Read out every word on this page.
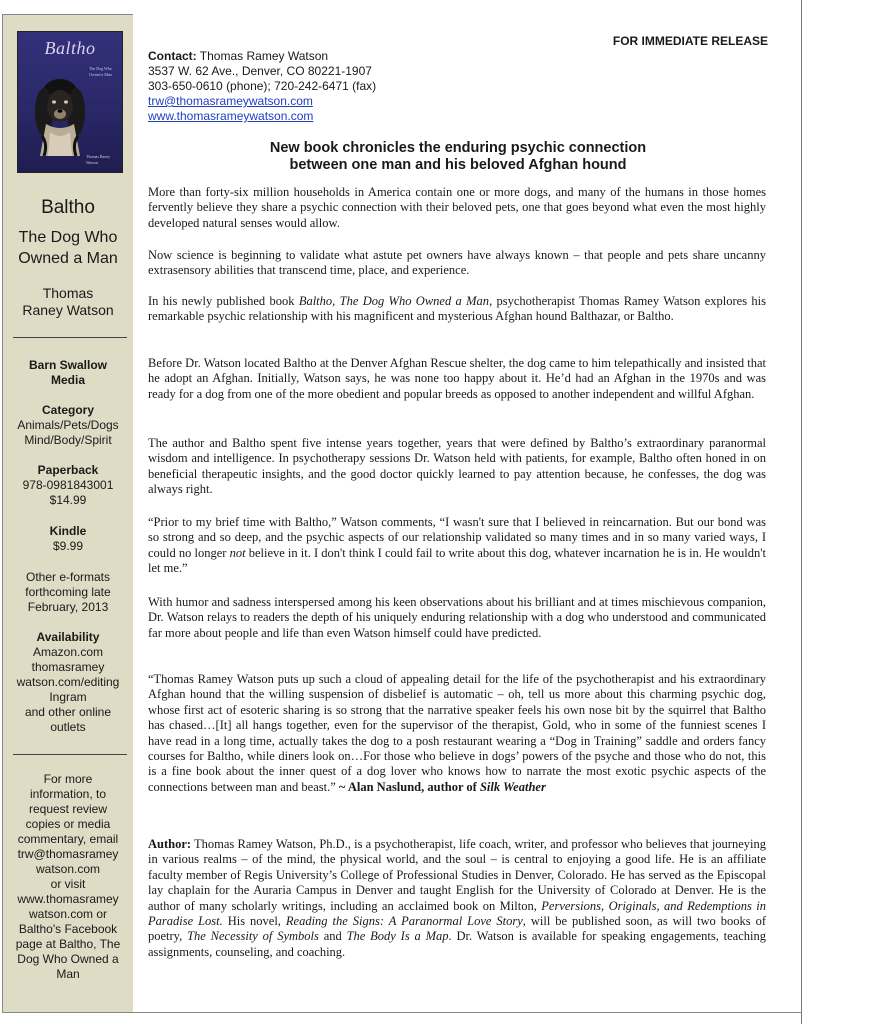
Baltho
The Dog Who Owned a Man
Thomas Raney Watson
Baltho
The Dog Who Owned a Man
Thomas Raney Watson
Barn Swallow Media
Category
Animals/Pets/Dogs
Mind/Body/Spirit
Paperback
978-0981843001
$14.99
Kindle
$9.99
Other e-formats
forthcoming late
February, 2013
Availability
Amazon.com
thomasramey
watson.com/editing
Ingram
and other online
outlets
For more
information, to
request review
copies or media
commentary, email
trw@thomasramey
watson.com
or visit
www.thomasramey
watson.com or
Baltho's Facebook
page at Baltho, The
Dog Who Owned a
Man
FOR IMMEDIATE RELEASE
Contact: Thomas Ramey Watson
3537 W. 62 Ave., Denver, CO 80221-1907
303-650-0610 (phone); 720-242-6471 (fax)
trw@thomasrameywatson.com
www.thomasrameywatson.com
New book chronicles the enduring psychic connection
between one man and his beloved Afghan hound
More than forty-six million households in America contain one or more dogs, and many of the humans in those homes fervently believe they share a psychic connection with their beloved pets, one that goes beyond what even the most highly developed natural senses would allow.
Now science is beginning to validate what astute pet owners have always known – that people and pets share uncanny extrasensory abilities that transcend time, place, and experience.
In his newly published book Baltho, The Dog Who Owned a Man, psychotherapist Thomas Ramey Watson explores his remarkable psychic relationship with his magnificent and mysterious Afghan hound Balthazar, or Baltho.
Before Dr. Watson located Baltho at the Denver Afghan Rescue shelter, the dog came to him telepathically and insisted that he adopt an Afghan. Initially, Watson says, he was none too happy about it. He’d had an Afghan in the 1970s and was ready for a dog from one of the more obedient and popular breeds as opposed to another independent and willful Afghan.
The author and Baltho spent five intense years together, years that were defined by Baltho’s extraordinary paranormal wisdom and intelligence. In psychotherapy sessions Dr. Watson held with patients, for example, Baltho often honed in on beneficial therapeutic insights, and the good doctor quickly learned to pay attention because, he confesses, the dog was always right.
“Prior to my brief time with Baltho,” Watson comments, “I wasn't sure that I believed in reincarnation. But our bond was so strong and so deep, and the psychic aspects of our relationship validated so many times and in so many varied ways, I could no longer not believe in it. I don't think I could fail to write about this dog, whatever incarnation he is in. He wouldn't let me.”
With humor and sadness interspersed among his keen observations about his brilliant and at times mischievous companion, Dr. Watson relays to readers the depth of his uniquely enduring relationship with a dog who understood and communicated far more about people and life than even Watson himself could have predicted.
“Thomas Ramey Watson puts up such a cloud of appealing detail for the life of the psychotherapist and his extraordinary Afghan hound that the willing suspension of disbelief is automatic – oh, tell us more about this charming psychic dog, whose first act of esoteric sharing is so strong that the narrative speaker feels his own nose bit by the squirrel that Baltho has chased…[It] all hangs together, even for the supervisor of the therapist, Gold, who in some of the funniest scenes I have read in a long time, actually takes the dog to a posh restaurant wearing a “Dog in Training” saddle and orders fancy courses for Baltho, while diners look on…For those who believe in dogs’ powers of the psyche and those who do not, this is a fine book about the inner quest of a dog lover who knows how to narrate the most exotic psychic aspects of the connections between man and beast.” ~ Alan Naslund, author of Silk Weather
Author: Thomas Ramey Watson, Ph.D., is a psychotherapist, life coach, writer, and professor who believes that journeying in various realms – of the mind, the physical world, and the soul – is central to enjoying a good life. He is an affiliate faculty member of Regis University’s College of Professional Studies in Denver, Colorado. He has served as the Episcopal lay chaplain for the Auraria Campus in Denver and taught English for the University of Colorado at Denver. He is the author of many scholarly writings, including an acclaimed book on Milton, Perversions, Originals, and Redemptions in Paradise Lost. His novel, Reading the Signs: A Paranormal Love Story, will be published soon, as will two books of poetry, The Necessity of Symbols and The Body Is a Map. Dr. Watson is available for speaking engagements, teaching assignments, counseling, and coaching.
